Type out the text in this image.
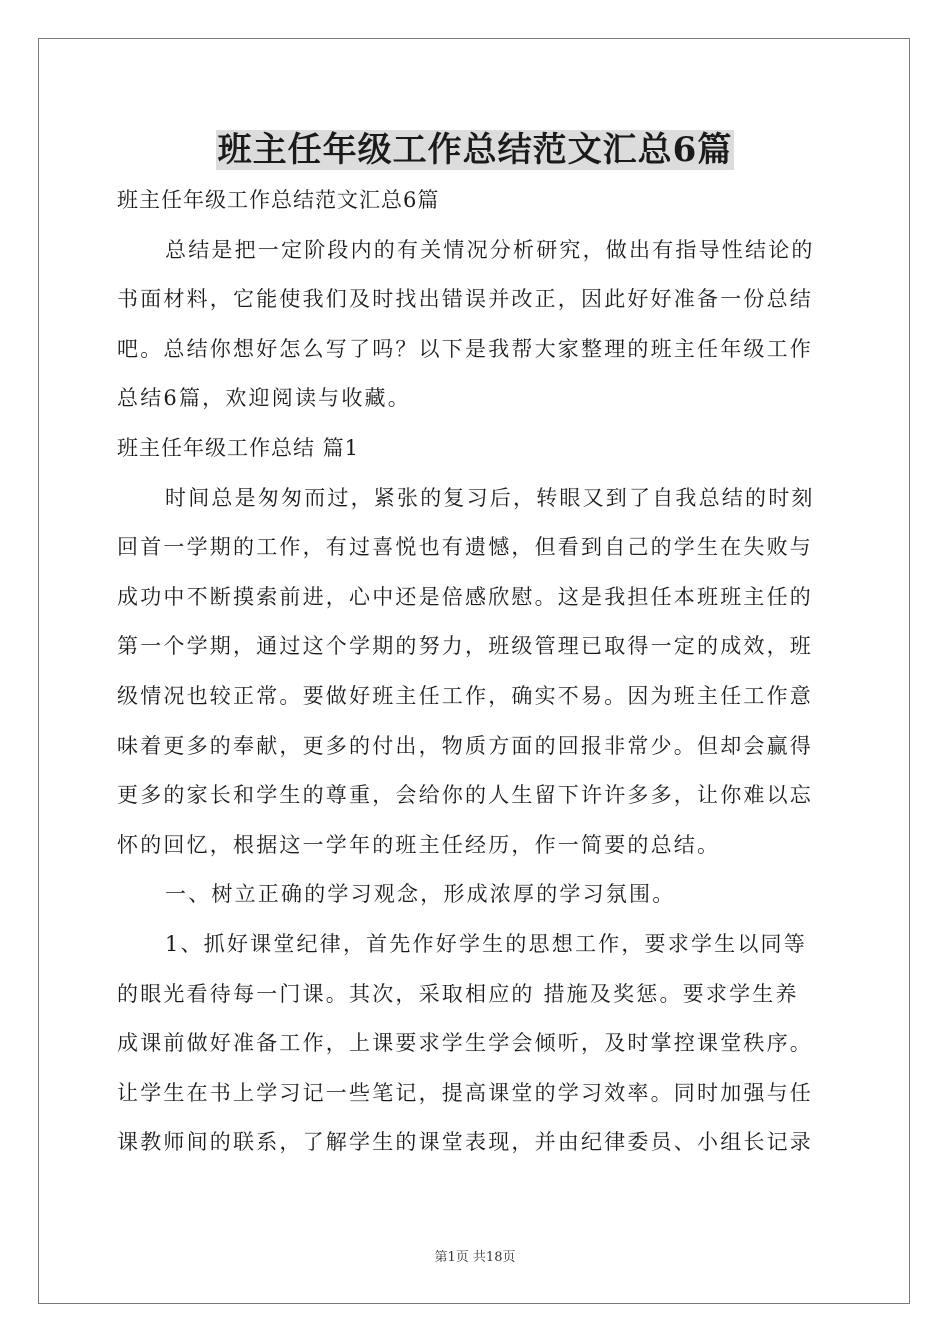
班主任年级工作总结范文汇总6篇
班主任年级工作总结范文汇总6篇
总结是把一定阶段内的有关情况分析研究，做出有指导性结论的
书面材料，它能使我们及时找出错误并改正，因此好好准备一份总结
吧。总结你想好怎么写了吗？以下是我帮大家整理的班主任年级工作
总结6篇，欢迎阅读与收藏。
班主任年级工作总结 篇1
时间总是匆匆而过，紧张的复习后，转眼又到了自我总结的时刻
回首一学期的工作，有过喜悦也有遗憾，但看到自己的学生在失败与
成功中不断摸索前进，心中还是倍感欣慰。这是我担任本班班主任的
第一个学期，通过这个学期的努力，班级管理已取得一定的成效，班
级情况也较正常。要做好班主任工作，确实不易。因为班主任工作意
味着更多的奉献，更多的付出，物质方面的回报非常少。但却会赢得
更多的家长和学生的尊重，会给你的人生留下许许多多，让你难以忘
怀的回忆，根据这一学年的班主任经历，作一简要的总结。
一、树立正确的学习观念，形成浓厚的学习氛围。
1、抓好课堂纪律，首先作好学生的思想工作，要求学生以同等
的眼光看待每一门课。其次，采取相应的 措施及奖惩。要求学生养
成课前做好准备工作，上课要求学生学会倾听，及时掌控课堂秩序。
让学生在书上学习记一些笔记，提高课堂的学习效率。同时加强与任
课教师间的联系，了解学生的课堂表现，并由纪律委员、小组长记录
第1页 共18页
